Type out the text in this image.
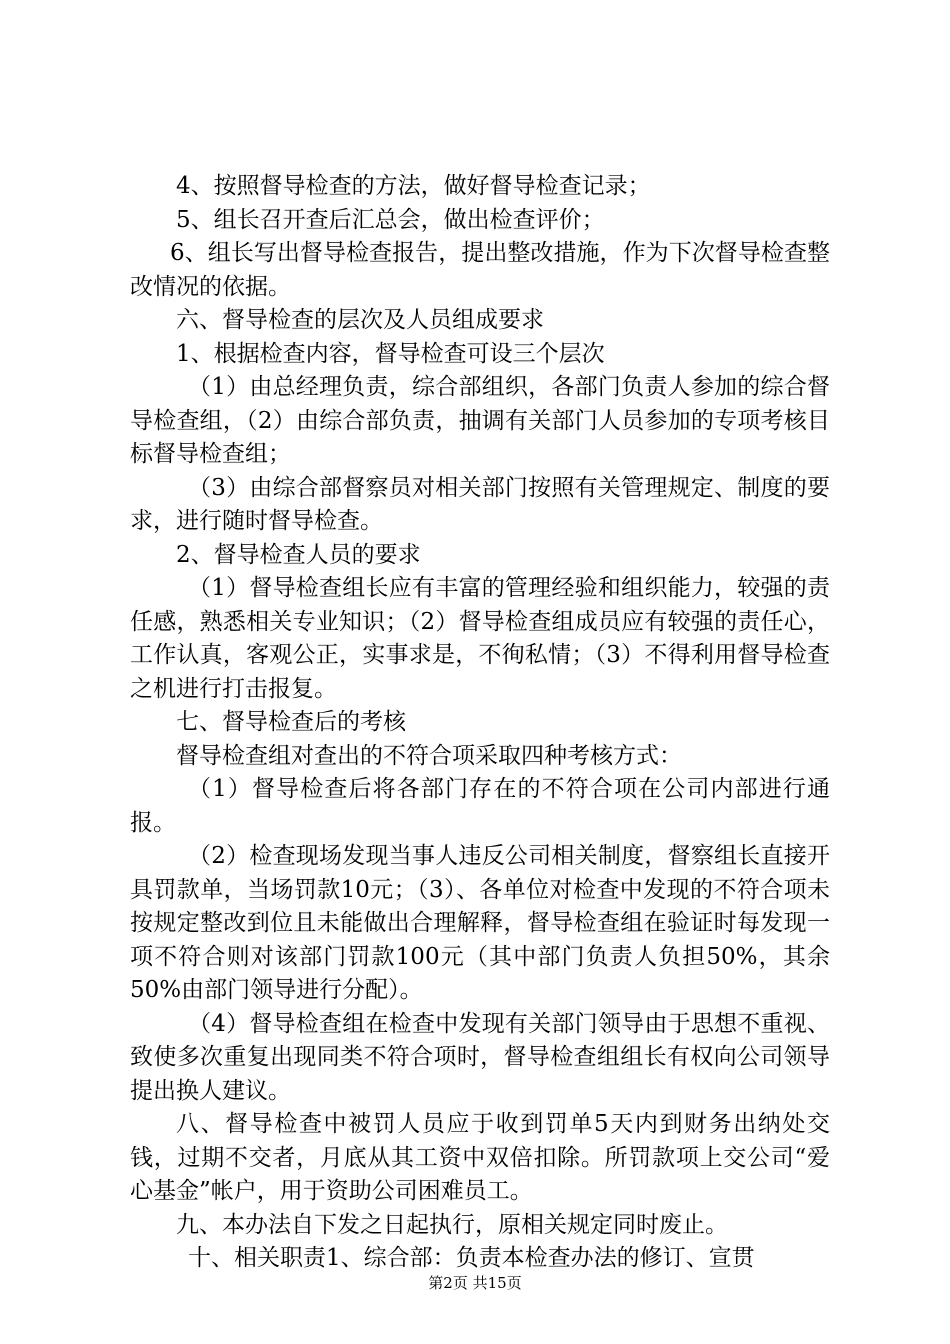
4、按照督导检查的方法，做好督导检查记录；

5、组长召开查后汇总会，做出检查评价；

6、组长写出督导检查报告，提出整改措施，作为下次督导检查整改情况的依据。

六、督导检查的层次及人员组成要求

1、根据检查内容，督导检查可设三个层次

（1）由总经理负责，综合部组织，各部门负责人参加的综合督导检查组，（2）由综合部负责，抽调有关部门人员参加的专项考核目标督导检查组；

（3）由综合部督察员对相关部门按照有关管理规定、制度的要求，进行随时督导检查。

2、督导检查人员的要求

（1）督导检查组长应有丰富的管理经验和组织能力，较强的责任感，熟悉相关专业知识；（2）督导检查组成员应有较强的责任心，工作认真，客观公正，实事求是，不徇私情；（3）不得利用督导检查之机进行打击报复。

七、督导检查后的考核

督导检查组对查出的不符合项采取四种考核方式：

（1）督导检查后将各部门存在的不符合项在公司内部进行通报。

（2）检查现场发现当事人违反公司相关制度，督察组长直接开具罚款单，当场罚款10元；（3）、各单位对检查中发现的不符合项未按规定整改到位且未能做出合理解释，督导检查组在验证时每发现一项不符合则对该部门罚款100元（其中部门负责人负担50%，其余50%由部门领导进行分配）。

（4）督导检查组在检查中发现有关部门领导由于思想不重视、致使多次重复出现同类不符合项时，督导检查组组长有权向公司领导提出换人建议。

八、督导检查中被罚人员应于收到罚单5天内到财务出纳处交钱，过期不交者，月底从其工资中双倍扣除。所罚款项上交公司“爱心基金”帐户，用于资助公司困难员工。

九、本办法自下发之日起执行，原相关规定同时废止。

十、相关职责1、综合部：负责本检查办法的修订、宣贯

第2页 共15页
